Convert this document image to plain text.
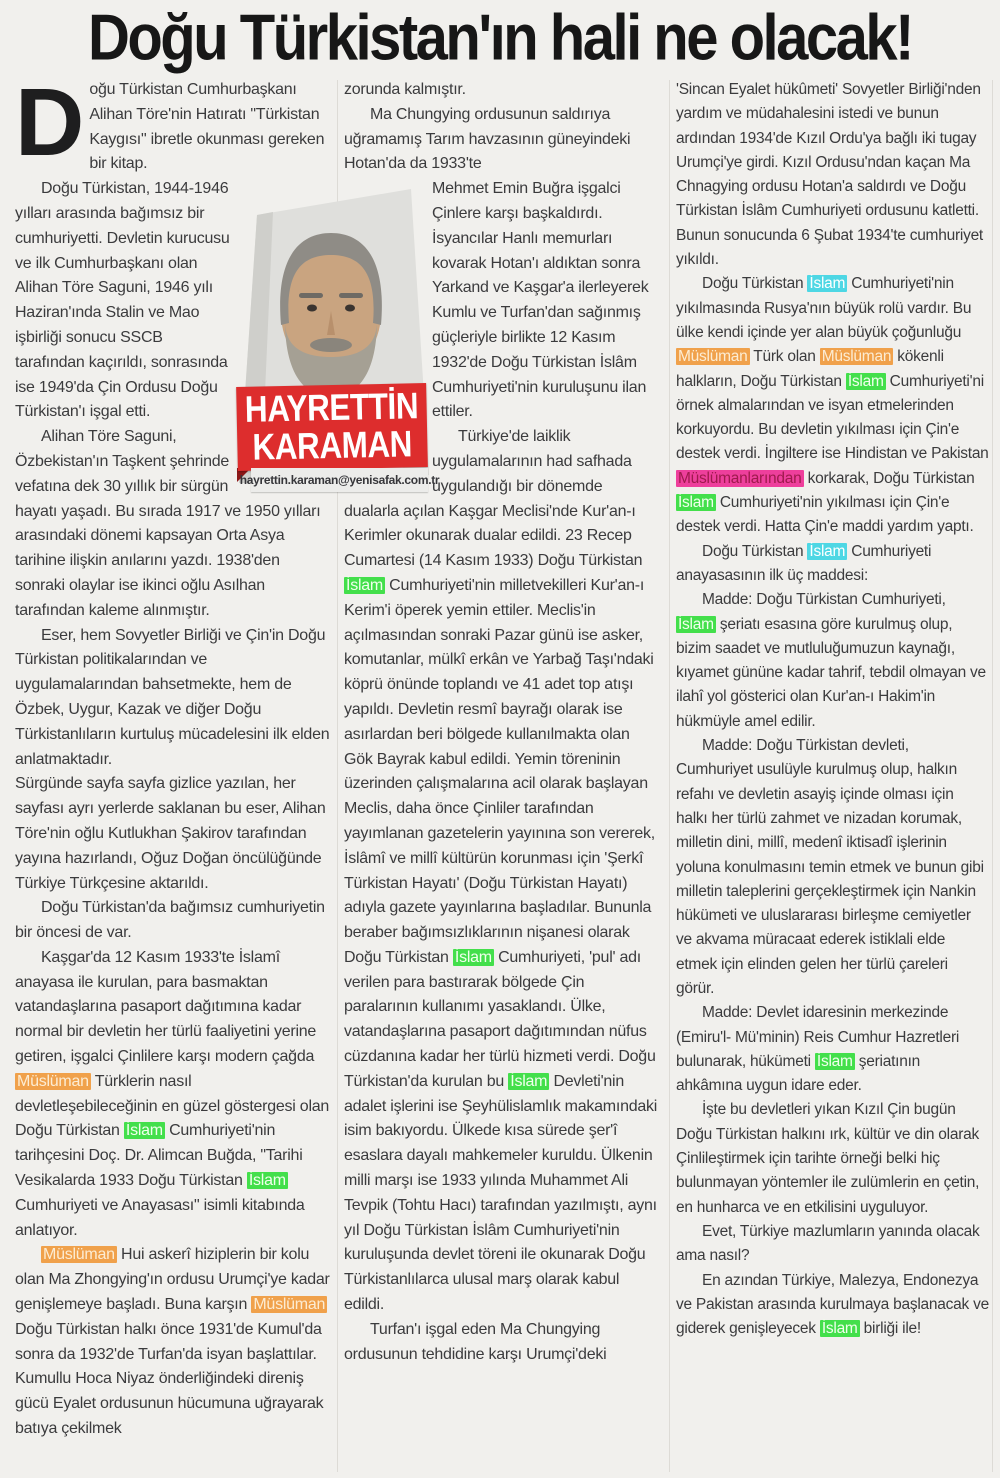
Doğu Türkistan'ın hali ne olacak!

Doğu Türkistan Cumhurbaşkanı Alihan Töre'nin Hatıratı "Türkistan Kaygısı" ibretle okunması gereken bir kitap.

Doğu Türkistan, 1944-1946 yılları arasında bağımsız bir cumhuriyetti. Devletin kurucusu ve ilk Cumhurbaşkanı olan Alihan Töre Saguni, 1946 yılı Haziran'ında Stalin ve Mao işbirliği sonucu SSCB tarafından kaçırıldı, sonrasında ise 1949'da Çin Ordusu Doğu Türkistan'ı işgal etti.

Alihan Töre Saguni, Özbekistan'ın Taşkent şehrinde vefatına dek 30 yıllık bir sürgün hayatı yaşadı. Bu sırada 1917 ve 1950 yılları arasındaki dönemi kapsayan Orta Asya tarihine ilişkin anılarını yazdı. 1938'den sonraki olaylar ise ikinci oğlu Asılhan tarafından kaleme alınmıştır.

Eser, hem Sovyetler Birliği ve Çin'in Doğu Türkistan politikalarından ve uygulamalarından bahsetmekte, hem de Özbek, Uygur, Kazak ve diğer Doğu Türkistanlıların kurtuluş mücadelesini ilk elden anlatmaktadır.

Sürgünde sayfa sayfa gizlice yazılan, her sayfası ayrı yerlerde saklanan bu eser, Alihan Töre'nin oğlu Kutlukhan Şakirov tarafından yayına hazırlandı, Oğuz Doğan öncülüğünde Türkiye Türkçesine aktarıldı.

Doğu Türkistan'da bağımsız cumhuriyetin bir öncesi de var.

Kaşgar'da 12 Kasım 1933'te İslamî anayasa ile kurulan, para basmaktan vatandaşlarına pasaport dağıtımına kadar normal bir devletin her türlü faaliyetini yerine getiren, işgalci Çinlilere karşı modern çağda Müslüman Türklerin nasıl devletleşebileceğinin en güzel göstergesi olan Doğu Türkistan İslam Cumhuriyeti'nin tarihçesini Doç. Dr. Alimcan Buğda, "Tarihi Vesikalarda 1933 Doğu Türkistan İslam Cumhuriyeti ve Anayasası" isimli kitabında anlatıyor.

Müslüman Hui askerî hiziplerin bir kolu olan Ma Zhongying'ın ordusu Urumçi'ye kadar genişlemeye başladı. Buna karşın Müslüman Doğu Türkistan halkı önce 1931'de Kumul'da sonra da 1932'de Turfan'da isyan başlattılar. Kumullu Hoca Niyaz önderliğindeki direniş gücü Eyalet ordusunun hücumuna uğrayarak batıya çekilmek

zorunda kalmıştır.

Ma Chungying ordusunun saldırıya uğramamış Tarım havzasının güneyindeki Hotan'da da 1933'te

Mehmet Emin Buğra işgalci Çinlere karşı başkaldırdı. İsyancılar Hanlı memurları kovarak Hotan'ı aldıktan sonra Yarkand ve Kaşgar'a ilerleyerek Kumlu ve Turfan'dan sağınmış güçleriyle birlikte 12 Kasım 1932'de Doğu Türkistan İslâm Cumhuriyeti'nin kuruluşunu ilan ettiler.

Türkiye'de laiklik uygulamalarının had safhada uygulandığı bir dönemde dualarla açılan Kaşgar Meclisi'nde Kur'an-ı Kerimler okunarak dualar edildi. 23 Recep Cumartesi (14 Kasım 1933) Doğu Türkistan İslam Cumhuriyeti'nin milletvekilleri Kur'an-ı Kerim'i öperek yemin ettiler. Meclis'in açılmasından sonraki Pazar günü ise asker, komutanlar, mülkî erkân ve Yarbağ Taşı'ndaki köprü önünde toplandı ve 41 adet top atışı yapıldı. Devletin resmî bayrağı olarak ise asırlardan beri bölgede kullanılmakta olan Gök Bayrak kabul edildi. Yemin töreninin üzerinden çalışmalarına acil olarak başlayan Meclis, daha önce Çinliler tarafından yayımlanan gazetelerin yayınına son vererek, İslâmî ve millî kültürün korunması için 'Şerkî Türkistan Hayatı' (Doğu Türkistan Hayatı) adıyla gazete yayınlarına başladılar. Bununla beraber bağımsızlıklarının nişanesi olarak Doğu Türkistan İslam Cumhuriyeti, 'pul' adı verilen para bastırarak bölgede Çin paralarının kullanımı yasaklandı. Ülke, vatandaşlarına pasaport dağıtımından nüfus cüzdanına kadar her türlü hizmeti verdi. Doğu Türkistan'da kurulan bu İslam Devleti'nin adalet işlerini ise Şeyhülislamlık makamındaki isim bakıyordu. Ülkede kısa sürede şer'î esaslara dayalı mahkemeler kuruldu. Ülkenin milli marşı ise 1933 yılında Muhammet Ali Tevpik (Tohtu Hacı) tarafından yazılmıştı, aynı yıl Doğu Türkistan İslâm Cumhuriyeti'nin kuruluşunda devlet töreni ile okunarak Doğu Türkistanlılarca ulusal marş olarak kabul edildi.

Turfan'ı işgal eden Ma Chungying ordusunun tehdidine karşı Urumçi'deki

'Sincan Eyalet hükûmeti' Sovyetler Birliği'nden yardım ve müdahalesini istedi ve bunun ardından 1934'de Kızıl Ordu'ya bağlı iki tugay Urumçi'ye girdi. Kızıl Ordusu'ndan kaçan Ma Chnagying ordusu Hotan'a saldırdı ve Doğu Türkistan İslâm Cumhuriyeti ordusunu katletti. Bunun sonucunda 6 Şubat 1934'te cumhuriyet yıkıldı.

Doğu Türkistan İslam Cumhuriyeti'nin yıkılmasında Rusya'nın büyük rolü vardır. Bu ülke kendi içinde yer alan büyük çoğunluğu Müslüman Türk olan Müslüman kökenli halkların, Doğu Türkistan İslam Cumhuriyeti'ni örnek almalarından ve isyan etmelerinden korkuyordu. Bu devletin yıkılması için Çin'e destek verdi. İngiltere ise Hindistan ve Pakistan Müslümanlarından korkarak, Doğu Türkistan İslam Cumhuriyeti'nin yıkılması için Çin'e destek verdi. Hatta Çin'e maddi yardım yaptı.

Doğu Türkistan İslam Cumhuriyeti anayasasının ilk üç maddesi:

Madde: Doğu Türkistan Cumhuriyeti, İslam şeriatı esasına göre kurulmuş olup, bizim saadet ve mutluluğumuzun kaynağı, kıyamet gününe kadar tahrif, tebdil olmayan ve ilahî yol gösterici olan Kur'an-ı Hakim'in hükmüyle amel edilir.

Madde: Doğu Türkistan devleti, Cumhuriyet usulüyle kurulmuş olup, halkın refahı ve devletin asayiş içinde olması için halkı her türlü zahmet ve nizadan korumak, milletin dini, millî, medenî iktisadî işlerinin yoluna konulmasını temin etmek ve bunun gibi milletin taleplerini gerçekleştirmek için Nankin hükümeti ve uluslararası birleşme cemiyetler ve akvama müracaat ederek istiklali elde etmek için elinden gelen her türlü çareleri görür.

Madde: Devlet idaresinin merkezinde (Emiru'l- Mü'minin) Reis Cumhur Hazretleri bulunarak, hükümeti İslam şeriatının ahkâmına uygun idare eder.

İşte bu devletleri yıkan Kızıl Çin bugün Doğu Türkistan halkını ırk, kültür ve din olarak Çinlileştirmek için tarihte örneği belki hiç bulunmayan yöntemler ile zulümlerin en çetin, en hunharca ve en etkilisini uyguluyor.

Evet, Türkiye mazlumların yanında olacak ama nasıl?

En azından Türkiye, Malezya, Endonezya ve Pakistan arasında kurulmaya başlanacak ve giderek genişleyecek İslam birliği ile!

HAYRETTİN
KARAMAN
hayrettin.karaman@yenisafak.com.tr
